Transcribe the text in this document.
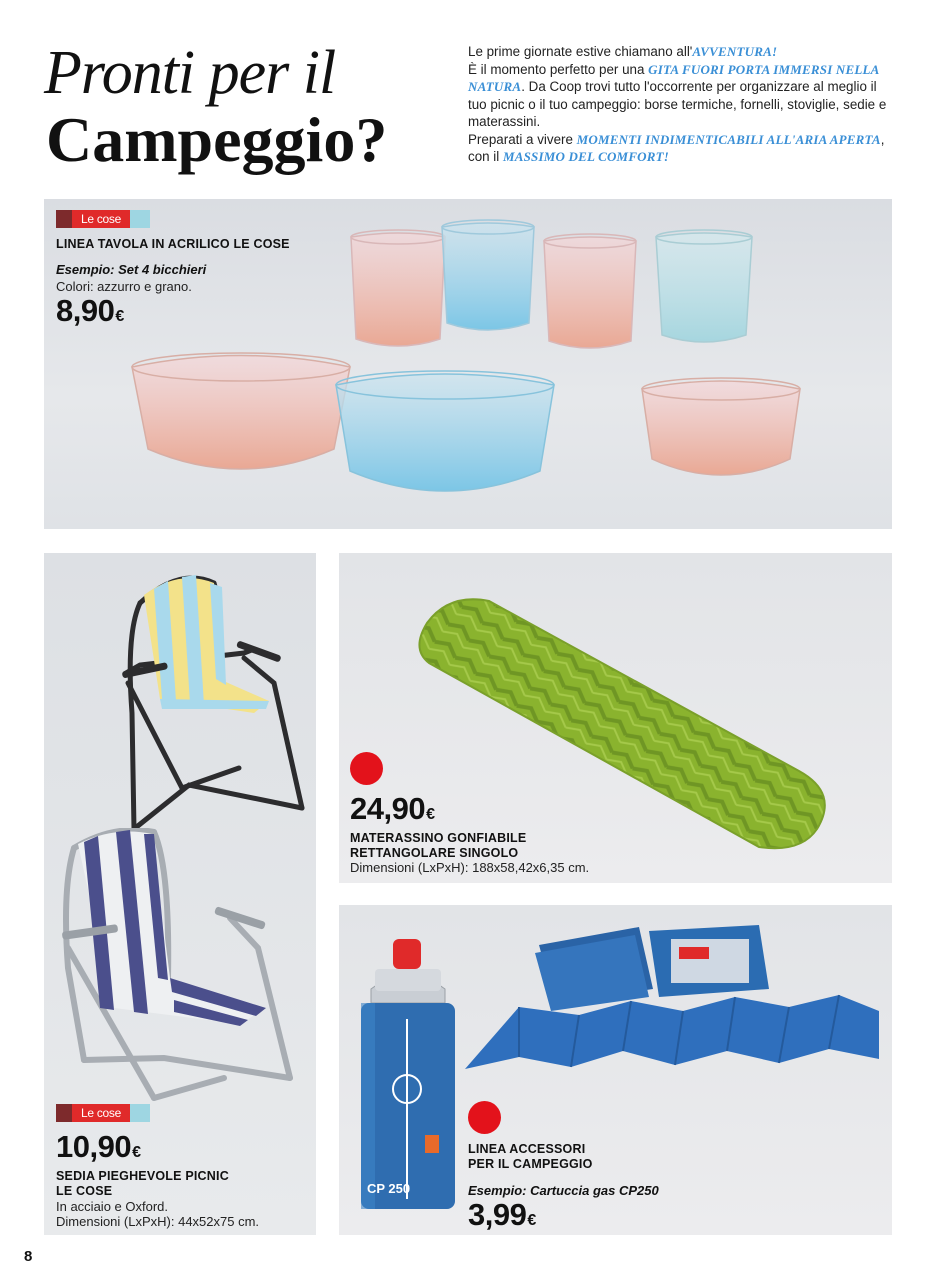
Pronti per il
Campeggio?
Le prime giornate estive chiamano all'AVVENTURA!
È il momento perfetto per una GITA FUORI PORTA IMMERSI NELLA NATURA. Da Coop trovi tutto l'occorrente per organizzare al meglio il tuo picnic o il tuo campeggio: borse termiche, fornelli, stoviglie, sedie e materassini.
Preparati a vivere MOMENTI INDIMENTICABILI ALL'ARIA APERTA, con il MASSIMO DEL COMFORT!
Le cose
LINEA TAVOLA IN ACRILICO LE COSE
Esempio: Set 4 bicchieri
Colori: azzurro e grano.
8,90€
Le cose
10,90€
SEDIA PIEGHEVOLE PICNIC
LE COSE
In acciaio e Oxford.
Dimensioni (LxPxH): 44x52x75 cm.
24,90€
MATERASSINO GONFIABILE
RETTANGOLARE SINGOLO
Dimensioni (LxPxH): 188x58,42x6,35 cm.
CP 250
LINEA ACCESSORI
PER IL CAMPEGGIO
Esempio: Cartuccia gas CP250
3,99€
8
